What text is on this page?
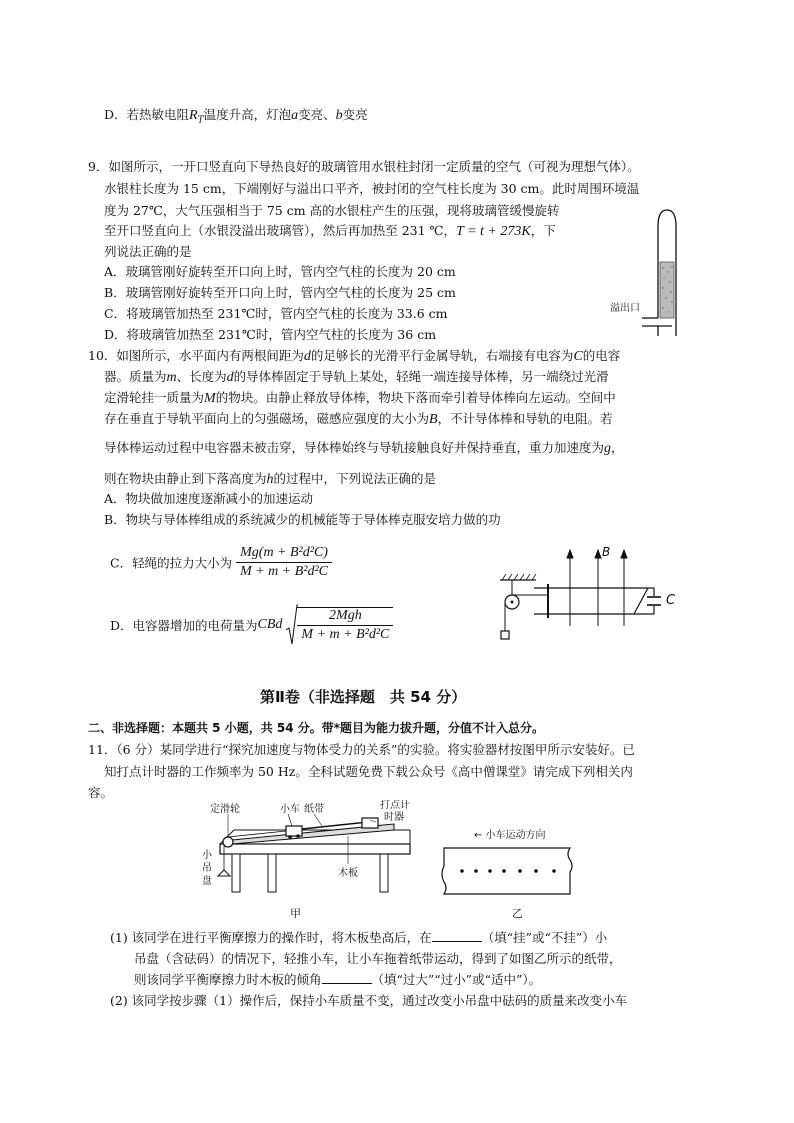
D．若热敏电阻$R_T$温度升高，灯泡a变亮、b变亮
9．如图所示，一开口竖直向下导热良好的玻璃管用水银柱封闭一定质量的空气（可视为理想气体）。
水银柱长度为 15 cm，下端刚好与溢出口平齐，被封闭的空气柱长度为 30 cm。此时周围环境温
度为 27℃，大气压强相当于 75 cm 高的水银柱产生的压强，现将玻璃管缓慢旋转
至开口竖直向上（水银没溢出玻璃管），然后再加热至 231 ℃，T = t + 273K，下
列说法正确的是
A．玻璃管刚好旋转至开口向上时，管内空气柱的长度为 20 cm
B．玻璃管刚好旋转至开口向上时，管内空气柱的长度为 25 cm
C．将玻璃管加热至 231℃时，管内空气柱的长度为 33.6 cm
D．将玻璃管加热至 231℃时，管内空气柱的长度为 36 cm
溢出口
10．如图所示，水平面内有两根间距为d的足够长的光滑平行金属导轨，右端接有电容为C的电容
器。质量为m、长度为d的导体棒固定于导轨上某处，轻绳一端连接导体棒，另一端绕过光滑
定滑轮挂一质量为M的物块。由静止释放导体棒，物块下落而牵引着导体棒向左运动。空间中
存在垂直于导轨平面向上的匀强磁场，磁感应强度的大小为B，不计导体棒和导轨的电阻。若
导体棒运动过程中电容器未被击穿，导体棒始终与导轨接触良好并保持垂直，重力加速度为g，
则在物块由静止到下落高度为h的过程中，下列说法正确的是
A．物块做加速度逐渐减小的加速运动
B．物块与导体棒组成的系统减少的机械能等于导体棒克服安培力做的功
C．轻绳的拉力大小为 $\frac{\text{Mg(m + B²d²C)}}{\text{M + m + B²d²C}}$
D．电容器增加的电荷量为CBd $\frac{\text{2Mgh}}{\text{M + m + B²d²C}}$
B
C
第Ⅱ卷（非选择题　共 54 分）
二、非选择题：本题共 5 小题，共 54 分。带*题目为能力拔升题，分值不计入总分。
11．（6 分）某同学进行“探究加速度与物体受力的关系”的实验。将实验器材按图甲所示安装好。已
知打点计时器的工作频率为 50 Hz。全科试题免费下载公众号《高中僧课堂》请完成下列相关内
容。
定滑轮	小车 纸带	打点计
时器
小
吊
盘
木板
甲
← 小车运动方向
乙
(1) 该同学在进行平衡摩擦力的操作时，将木板垫高后，在	（填“挂”或“不挂”）小
吊盘（含砝码）的情况下，轻推小车，让小车拖着纸带运动，得到了如图乙所示的纸带，
则该同学平衡摩擦力时木板的倾角	（填“过大”“过小”或“适中”）。
(2) 该同学按步骤（1）操作后，保持小车质量不变，通过改变小吊盘中砝码的质量来改变小车
